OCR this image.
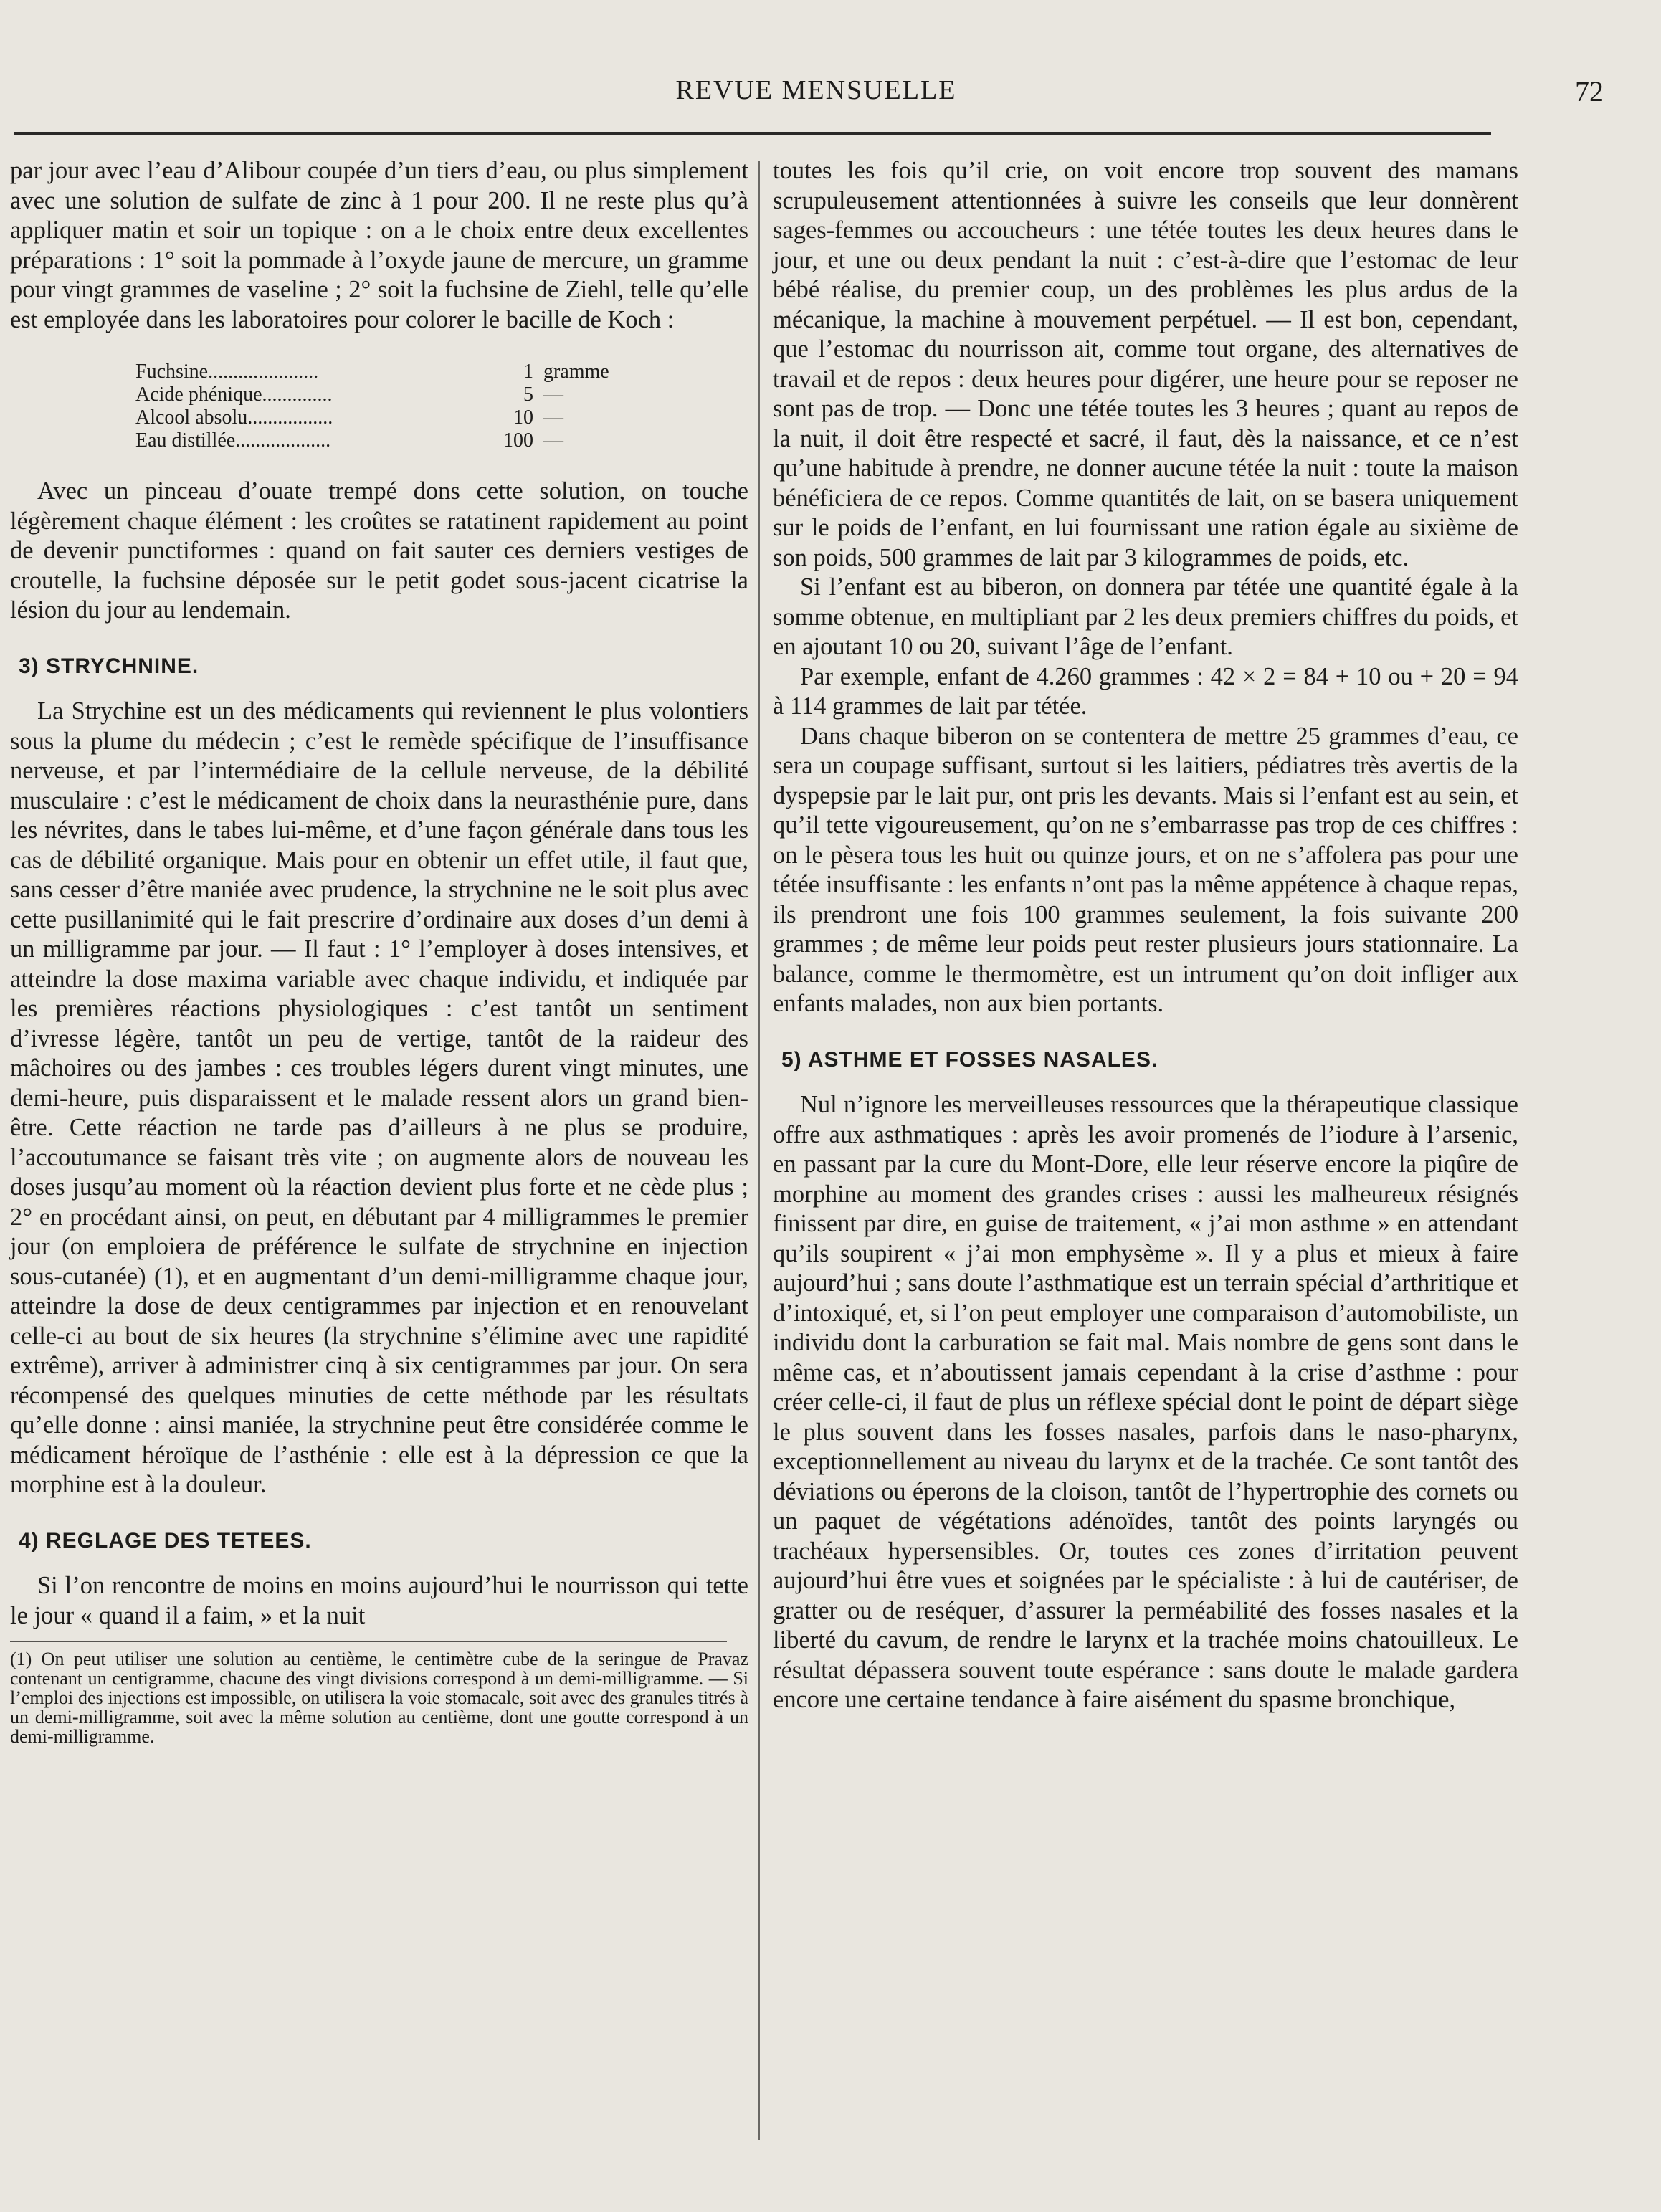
REVUE MENSUELLE	72

par jour avec l’eau d’Alibour coupée d’un tiers d’eau, ou plus simplement avec une solution de sulfate de zinc à 1 pour 200. Il ne reste plus qu’à appliquer matin et soir un topique : on a le choix entre deux excellentes préparations : 1° soit la pommade à l’oxyde jaune de mercure, un gramme pour vingt grammes de vaseline ; 2° soit la fuchsine de Ziehl, telle qu’elle est employée dans les laboratoires pour colorer le bacille de Koch :

Fuchsine......................	1	gramme
Acide phénique..............	5	—
Alcool absolu.................	10	—
Eau distillée...................	100	—

Avec un pinceau d’ouate trempé dons cette solution, on touche légèrement chaque élément : les croûtes se ratatinent rapidement au point de devenir punctiformes : quand on fait sauter ces derniers vestiges de croutelle, la fuchsine déposée sur le petit godet sous-jacent cicatrise la lésion du jour au lendemain.

3) STRYCHNINE.

La Strychine est un des médicaments qui reviennent le plus volontiers sous la plume du médecin ; c’est le remède spécifique de l’insuffisance nerveuse, et par l’intermédiaire de la cellule nerveuse, de la débilité musculaire : c’est le médicament de choix dans la neurasthénie pure, dans les névrites, dans le tabes lui-même, et d’une façon générale dans tous les cas de débilité organique. Mais pour en obtenir un effet utile, il faut que, sans cesser d’être maniée avec prudence, la strychnine ne le soit plus avec cette pusillanimité qui le fait prescrire d’ordinaire aux doses d’un demi à un milligramme par jour. — Il faut : 1° l’employer à doses intensives, et atteindre la dose maxima variable avec chaque individu, et indiquée par les premières réactions physiologiques : c’est tantôt un sentiment d’ivresse légère, tantôt un peu de vertige, tantôt de la raideur des mâchoires ou des jambes : ces troubles légers durent vingt minutes, une demi-heure, puis disparaissent et le malade ressent alors un grand bien-être. Cette réaction ne tarde pas d’ailleurs à ne plus se produire, l’accoutumance se faisant très vite ; on augmente alors de nouveau les doses jusqu’au moment où la réaction devient plus forte et ne cède plus ; 2° en procédant ainsi, on peut, en débutant par 4 milligrammes le premier jour (on emploiera de préférence le sulfate de strychnine en injection sous-cutanée) (1), et en augmentant d’un demi-milligramme chaque jour, atteindre la dose de deux centigrammes par injection et en renouvelant celle-ci au bout de six heures (la strychnine s’élimine avec une rapidité extrême), arriver à administrer cinq à six centigrammes par jour. On sera récompensé des quelques minuties de cette méthode par les résultats qu’elle donne : ainsi maniée, la strychnine peut être considérée comme le médicament héroïque de l’asthénie : elle est à la dépression ce que la morphine est à la douleur.

4) REGLAGE DES TETEES.

Si l’on rencontre de moins en moins aujourd’hui le nourrisson qui tette le jour « quand il a faim, » et la nuit

(1) On peut utiliser une solution au centième, le centimètre cube de la seringue de Pravaz contenant un centigramme, chacune des vingt divisions correspond à un demi-milligramme. — Si l’emploi des injections est impossible, on utilisera la voie stomacale, soit avec des granules titrés à un demi-milligramme, soit avec la même solution au centième, dont une goutte correspond à un demi-milligramme.

toutes les fois qu’il crie, on voit encore trop souvent des mamans scrupuleusement attentionnées à suivre les conseils que leur donnèrent sages-femmes ou accoucheurs : une tétée toutes les deux heures dans le jour, et une ou deux pendant la nuit : c’est-à-dire que l’estomac de leur bébé réalise, du premier coup, un des problèmes les plus ardus de la mécanique, la machine à mouvement perpétuel. — Il est bon, cependant, que l’estomac du nourrisson ait, comme tout organe, des alternatives de travail et de repos : deux heures pour digérer, une heure pour se reposer ne sont pas de trop. — Donc une tétée toutes les 3 heures ; quant au repos de la nuit, il doit être respecté et sacré, il faut, dès la naissance, et ce n’est qu’une habitude à prendre, ne donner aucune tétée la nuit : toute la maison bénéficiera de ce repos. Comme quantités de lait, on se basera uniquement sur le poids de l’enfant, en lui fournissant une ration égale au sixième de son poids, 500 grammes de lait par 3 kilogrammes de poids, etc.

Si l’enfant est au biberon, on donnera par tétée une quantité égale à la somme obtenue, en multipliant par 2 les deux premiers chiffres du poids, et en ajoutant 10 ou 20, suivant l’âge de l’enfant.

Par exemple, enfant de 4.260 grammes : 42 × 2 = 84 + 10 ou + 20 = 94 à 114 grammes de lait par tétée.

Dans chaque biberon on se contentera de mettre 25 grammes d’eau, ce sera un coupage suffisant, surtout si les laitiers, pédiatres très avertis de la dyspepsie par le lait pur, ont pris les devants. Mais si l’enfant est au sein, et qu’il tette vigoureusement, qu’on ne s’embarrasse pas trop de ces chiffres : on le pèsera tous les huit ou quinze jours, et on ne s’affolera pas pour une tétée insuffisante : les enfants n’ont pas la même appétence à chaque repas, ils prendront une fois 100 grammes seulement, la fois suivante 200 grammes ; de même leur poids peut rester plusieurs jours stationnaire. La balance, comme le thermomètre, est un intrument qu’on doit infliger aux enfants malades, non aux bien portants.

5) ASTHME ET FOSSES NASALES.

Nul n’ignore les merveilleuses ressources que la thérapeutique classique offre aux asthmatiques : après les avoir promenés de l’iodure à l’arsenic, en passant par la cure du Mont-Dore, elle leur réserve encore la piqûre de morphine au moment des grandes crises : aussi les malheureux résignés finissent par dire, en guise de traitement, « j’ai mon asthme » en attendant qu’ils soupirent « j’ai mon emphysème ». Il y a plus et mieux à faire aujourd’hui ; sans doute l’asthmatique est un terrain spécial d’arthritique et d’intoxiqué, et, si l’on peut employer une comparaison d’automobiliste, un individu dont la carburation se fait mal. Mais nombre de gens sont dans le même cas, et n’aboutissent jamais cependant à la crise d’asthme : pour créer celle-ci, il faut de plus un réflexe spécial dont le point de départ siège le plus souvent dans les fosses nasales, parfois dans le naso-pharynx, exceptionnellement au niveau du larynx et de la trachée. Ce sont tantôt des déviations ou éperons de la cloison, tantôt de l’hypertrophie des cornets ou un paquet de végétations adénoïdes, tantôt des points laryngés ou trachéaux hypersensibles. Or, toutes ces zones d’irritation peuvent aujourd’hui être vues et soignées par le spécialiste : à lui de cautériser, de gratter ou de reséquer, d’assurer la perméabilité des fosses nasales et la liberté du cavum, de rendre le larynx et la trachée moins chatouilleux. Le résultat dépassera souvent toute espérance : sans doute le malade gardera encore une certaine tendance à faire aisément du spasme bronchique,
